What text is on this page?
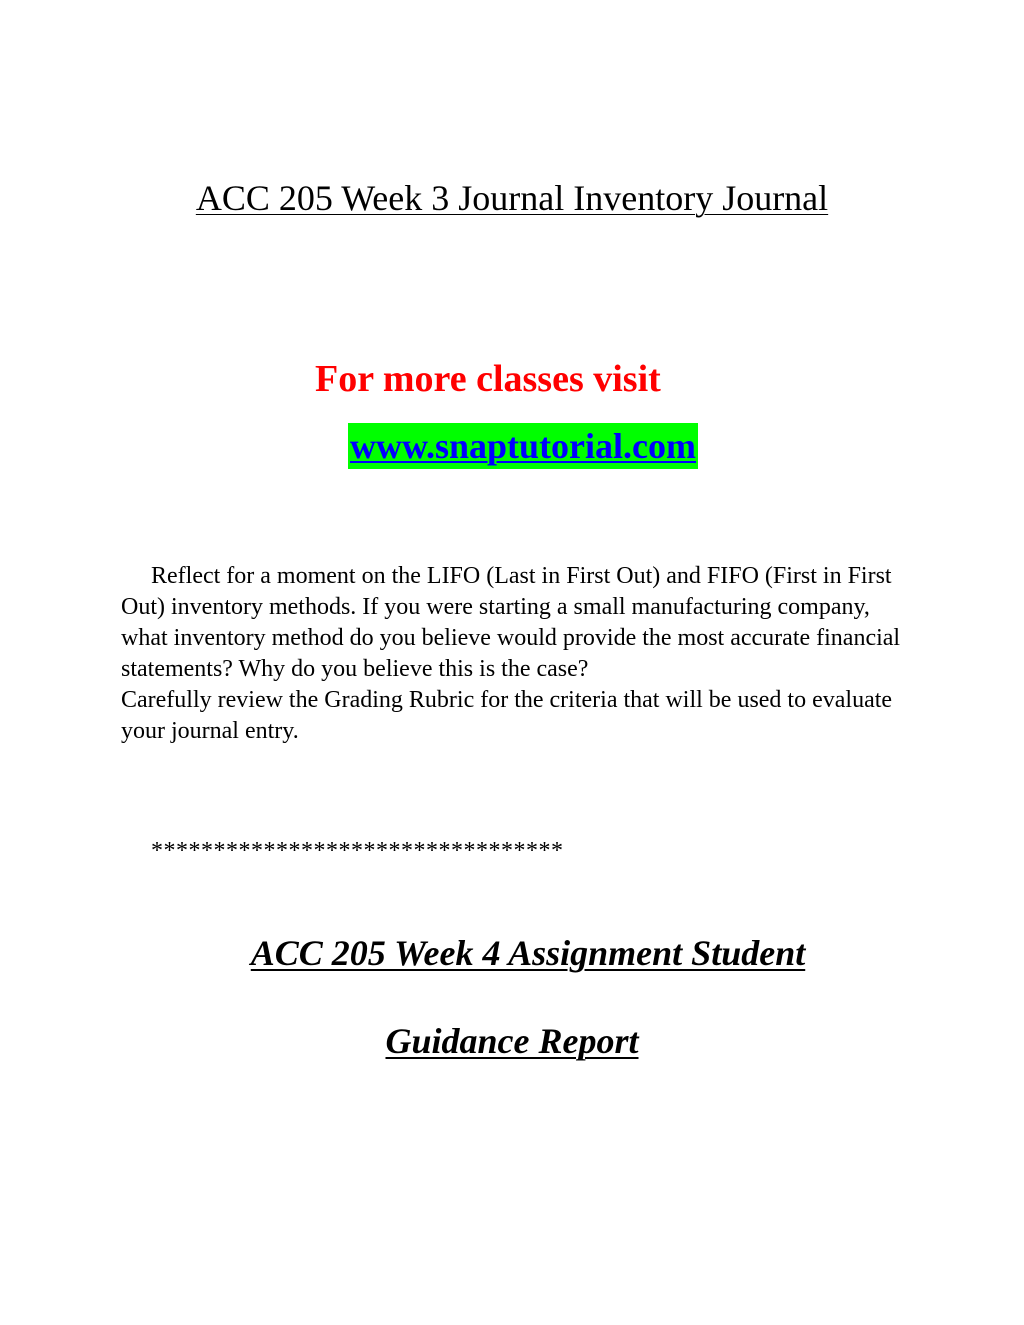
ACC 205 Week 3 Journal Inventory Journal
For more classes visit
www.snaptutorial.com

Reflect for a moment on the LIFO (Last in First Out) and FIFO (First in First Out) inventory methods. If you were starting a small manufacturing company, what inventory method do you believe would provide the most accurate financial statements? Why do you believe this is the case?

Carefully review the Grading Rubric for the criteria that will be used to evaluate your journal entry.

*********************************
ACC 205 Week 4 Assignment Student
Guidance Report
